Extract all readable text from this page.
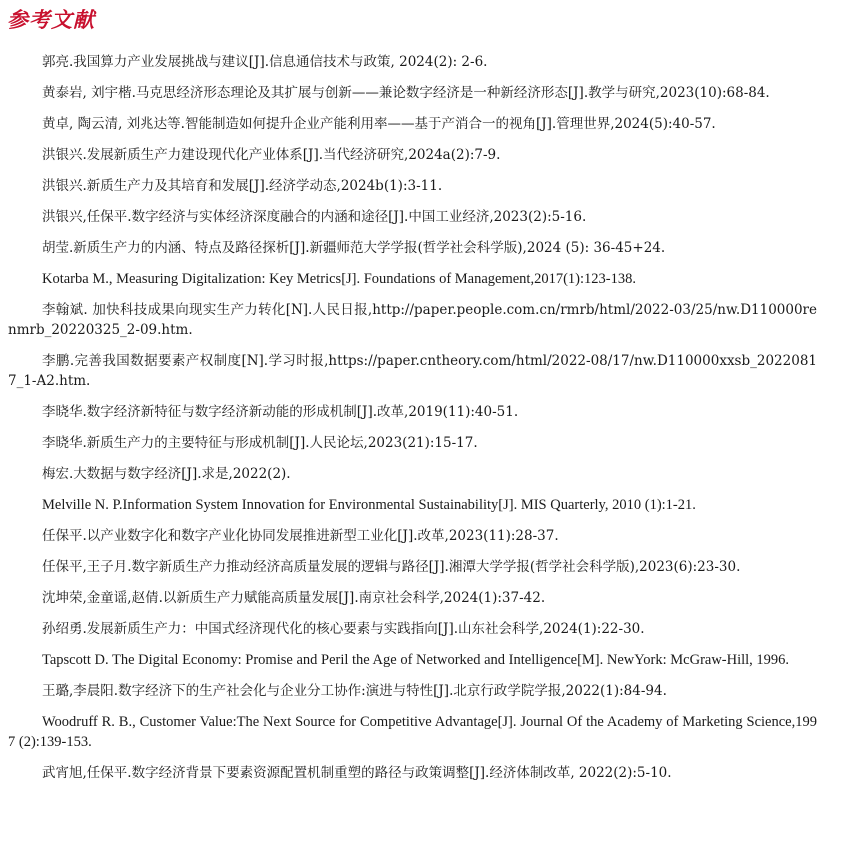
参考文献
郭亮.我国算力产业发展挑战与建议[J].信息通信技术与政策, 2024(2): 2-6.
黄泰岩, 刘宇楷.马克思经济形态理论及其扩展与创新——兼论数字经济是一种新经济形态[J].教学与研究,2023(10):68-84.
黄卓, 陶云清, 刘兆达等.智能制造如何提升企业产能利用率——基于产消合一的视角[J].管理世界,2024(5):40-57.
洪银兴.发展新质生产力建设现代化产业体系[J].当代经济研究,2024a(2):7-9.
洪银兴.新质生产力及其培育和发展[J].经济学动态,2024b(1):3-11.
洪银兴,任保平.数字经济与实体经济深度融合的内涵和途径[J].中国工业经济,2023(2):5-16.
胡莹.新质生产力的内涵、特点及路径探析[J].新疆师范大学学报(哲学社会科学版),2024 (5): 36-45+24.
Kotarba M., Measuring Digitalization: Key Metrics[J]. Foundations of Management,2017(1):123-138.
李翰斌. 加快科技成果向现实生产力转化[N].人民日报,http://paper.people.com.cn/rmrb/html/2022-03/25/nw.D110000renmrb_20220325_2-09.htm.
李鹏.完善我国数据要素产权制度[N].学习时报,https://paper.cntheory.com/html/2022-08/17/nw.D110000xxsb_20220817_1-A2.htm.
李晓华.数字经济新特征与数字经济新动能的形成机制[J].改革,2019(11):40-51.
李晓华.新质生产力的主要特征与形成机制[J].人民论坛,2023(21):15-17.
梅宏.大数据与数字经济[J].求是,2022(2).
Melville N. P.Information System Innovation for Environmental Sustainability[J]. MIS Quarterly, 2010 (1):1-21.
任保平.以产业数字化和数字产业化协同发展推进新型工业化[J].改革,2023(11):28-37.
任保平,王子月.数字新质生产力推动经济高质量发展的逻辑与路径[J].湘潭大学学报(哲学社会科学版),2023(6):23-30.
沈坤荣,金童谣,赵倩.以新质生产力赋能高质量发展[J].南京社会科学,2024(1):37-42.
孙绍勇.发展新质生产力：中国式经济现代化的核心要素与实践指向[J].山东社会科学,2024(1):22-30.
Tapscott D. The Digital Economy: Promise and Peril the Age of Networked and Intelligence[M]. NewYork: McGraw-Hill, 1996.
王璐,李晨阳.数字经济下的生产社会化与企业分工协作:演进与特性[J].北京行政学院学报,2022(1):84-94.
Woodruff R. B., Customer Value:The Next Source for Competitive Advantage[J]. Journal Of the Academy of Marketing Science,1997 (2):139-153.
武宵旭,任保平.数字经济背景下要素资源配置机制重塑的路径与政策调整[J].经济体制改革, 2022(2):5-10.
